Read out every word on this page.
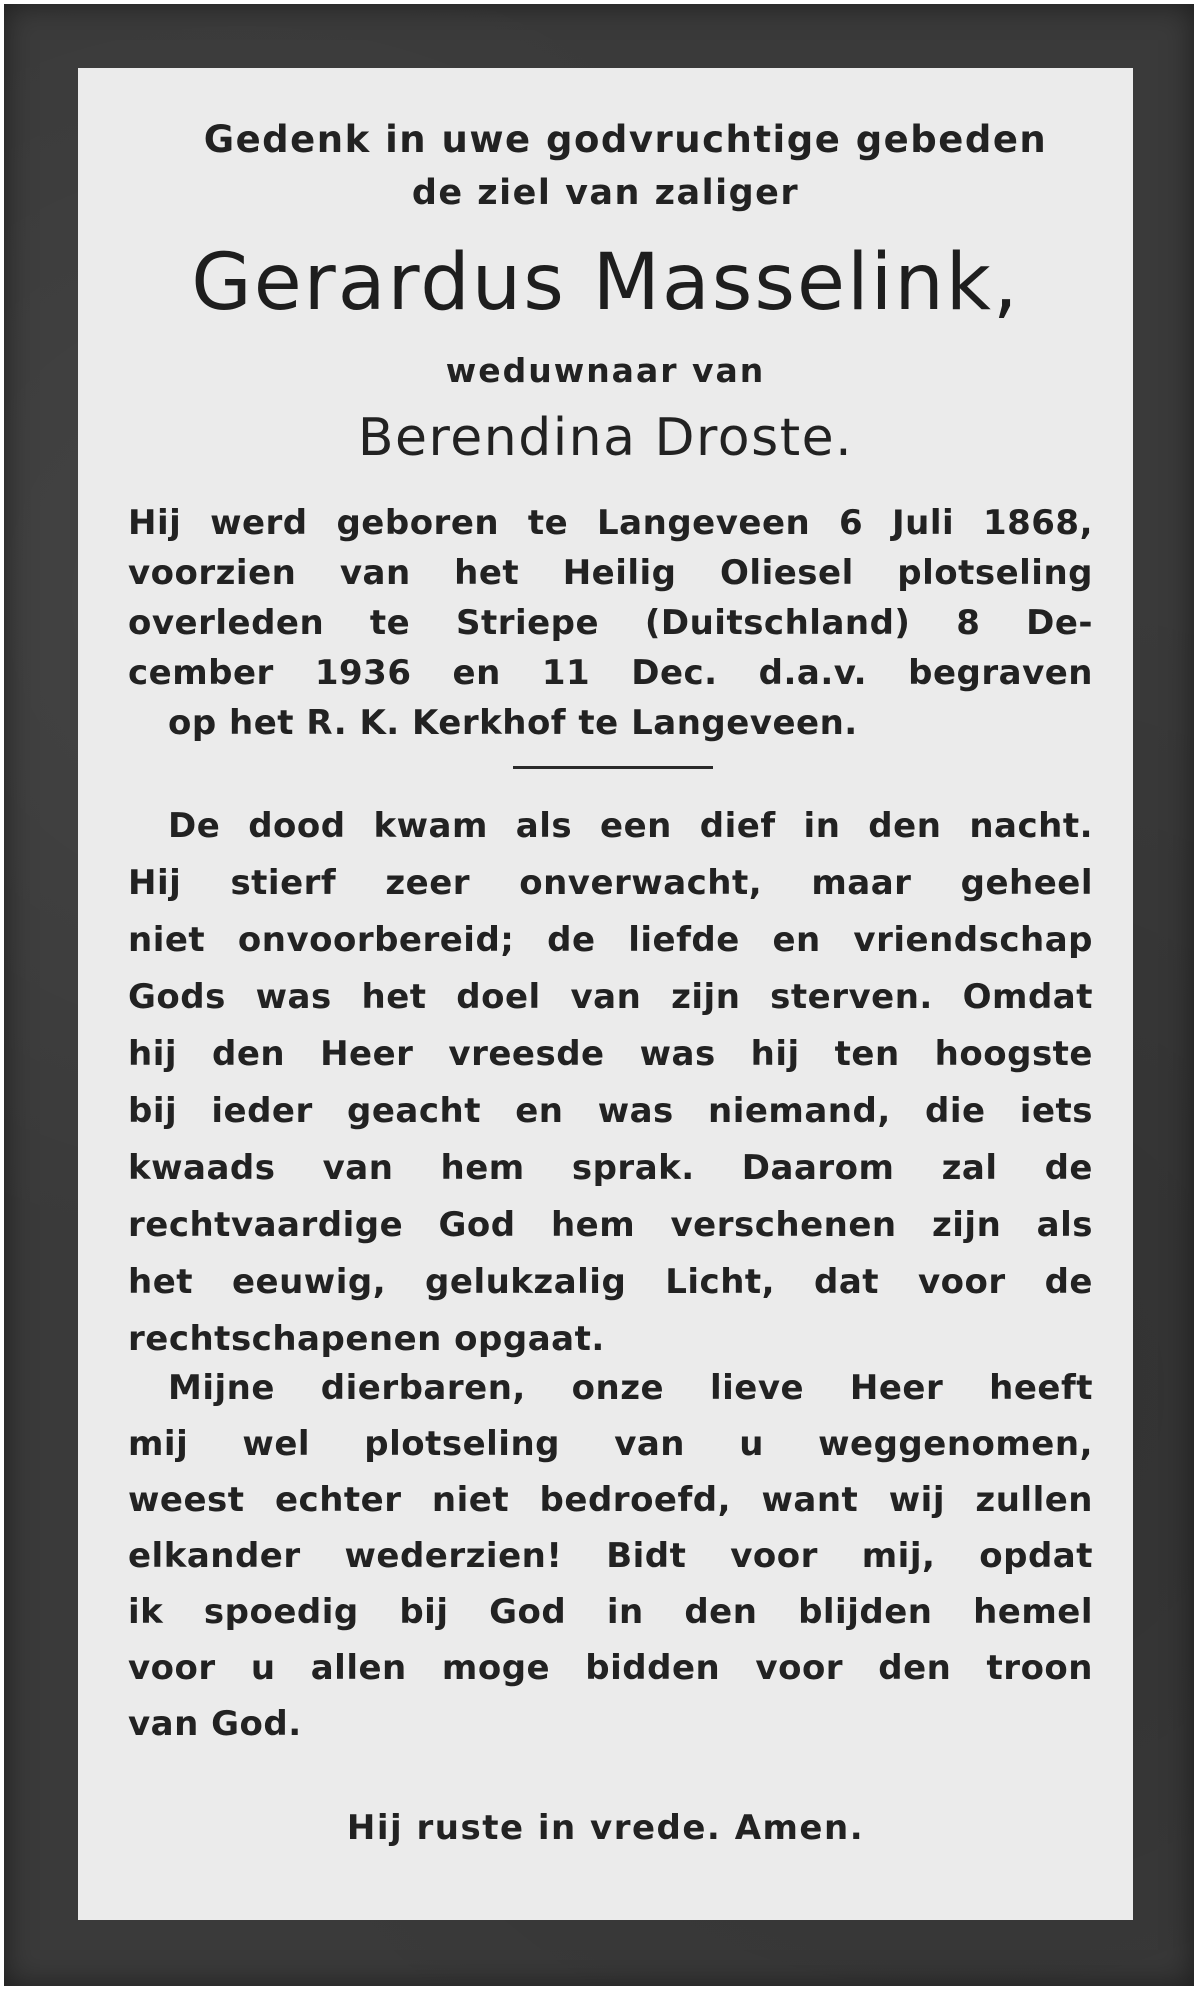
Gedenk in uwe godvruchtige gebeden
de ziel van zaliger
Gerardus Masselink,
weduwnaar van
Berendina Droste.
Hij werd geboren te Langeveen 6 Juli 1868,
voorzien van het Heilig Oliesel plotseling
overleden te Striepe (Duitschland) 8 De-
cember 1936 en 11 Dec. d.a.v. begraven
op het R. K. Kerkhof te Langeveen.
De dood kwam als een dief in den nacht.
Hij stierf zeer onverwacht, maar geheel
niet onvoorbereid; de liefde en vriendschap
Gods was het doel van zijn sterven. Omdat
hij den Heer vreesde was hij ten hoogste
bij ieder geacht en was niemand, die iets
kwaads van hem sprak. Daarom zal de
rechtvaardige God hem verschenen zijn als
het eeuwig, gelukzalig Licht, dat voor de
rechtschapenen opgaat.
Mijne dierbaren, onze lieve Heer heeft
mij wel plotseling van u weggenomen,
weest echter niet bedroefd, want wij zullen
elkander wederzien! Bidt voor mij, opdat
ik spoedig bij God in den blijden hemel
voor u allen moge bidden voor den troon
van God.
Hij ruste in vrede. Amen.
